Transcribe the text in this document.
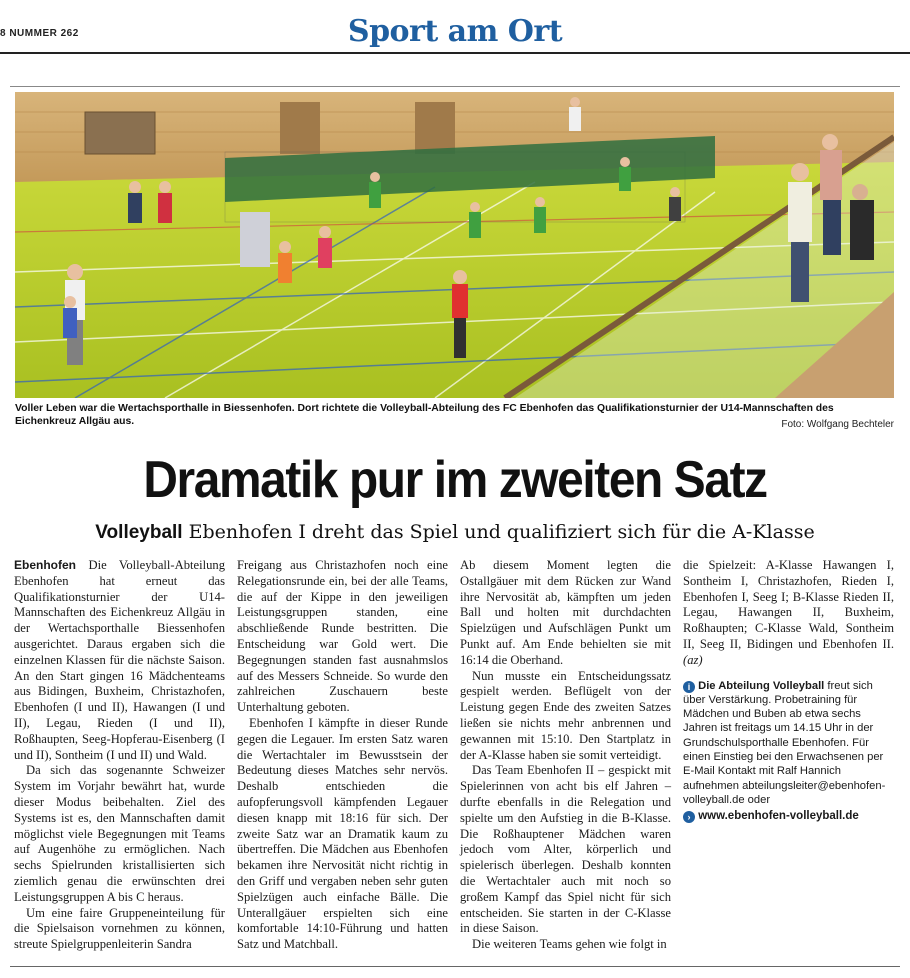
8 NUMMER 262	Sport am Ort
Voller Leben war die Wertachsporthalle in Biessenhofen. Dort richtete die Volleyball-Abteilung des FC Ebenhofen das Qualifikationsturnier der U14-Mannschaften des Eichenkreuz Allgäu aus.	Foto: Wolfgang Bechteler
Dramatik pur im zweiten Satz
Volleyball Ebenhofen I dreht das Spiel und qualifiziert sich für die A-Klasse

Ebenhofen Die Volleyball-Abteilung Ebenhofen hat erneut das Qualifikationsturnier der U14-Mannschaften des Eichenkreuz Allgäu in der Wertachsporthalle Biessenhofen ausgerichtet. Daraus ergaben sich die einzelnen Klassen für die nächste Saison. An den Start gingen 16 Mädchenteams aus Bidingen, Buxheim, Christazhofen, Ebenhofen (I und II), Hawangen (I und II), Legau, Rieden (I und II), Roßhaupten, Seeg-Hopferau-Eisenberg (I und II), Sontheim (I und II) und Wald.

Da sich das sogenannte Schweizer System im Vorjahr bewährt hat, wurde dieser Modus beibehalten. Ziel des Systems ist es, den Mannschaften damit möglichst viele Begegnungen mit Teams auf Augenhöhe zu ermöglichen. Nach sechs Spielrunden kristallisierten sich ziemlich genau die erwünschten drei Leistungsgruppen A bis C heraus.

Um eine faire Gruppeneinteilung für die Spielsaison vornehmen zu können, streute Spielgruppenleiterin Sandra

Freigang aus Christazhofen noch eine Relegationsrunde ein, bei der alle Teams, die auf der Kippe in den jeweiligen Leistungsgruppen standen, eine abschließende Runde bestritten. Die Entscheidung war Gold wert. Die Begegnungen standen fast ausnahmslos auf des Messers Schneide. So wurde den zahlreichen Zuschauern beste Unterhaltung geboten.

Ebenhofen I kämpfte in dieser Runde gegen die Legauer. Im ersten Satz waren die Wertachtaler im Bewusstsein der Bedeutung dieses Matches sehr nervös. Deshalb entschieden die aufopferungsvoll kämpfenden Legauer diesen knapp mit 18:16 für sich. Der zweite Satz war an Dramatik kaum zu übertreffen. Die Mädchen aus Ebenhofen bekamen ihre Nervosität nicht richtig in den Griff und vergaben neben sehr guten Spielzügen auch einfache Bälle. Die Unterallgäuer erspielten sich eine komfortable 14:10-Führung und hatten Satz und Matchball.

Ab diesem Moment legten die Ostallgäuer mit dem Rücken zur Wand ihre Nervosität ab, kämpften um jeden Ball und holten mit durchdachten Spielzügen und Aufschlägen Punkt um Punkt auf. Am Ende behielten sie mit 16:14 die Oberhand.

Nun musste ein Entscheidungssatz gespielt werden. Beflügelt von der Leistung gegen Ende des zweiten Satzes ließen sie nichts mehr anbrennen und gewannen mit 15:10. Den Startplatz in der A-Klasse haben sie somit verteidigt.

Das Team Ebenhofen II – gespickt mit Spielerinnen von acht bis elf Jahren – durfte ebenfalls in die Relegation und spielte um den Aufstieg in die B-Klasse. Die Roßhauptener Mädchen waren jedoch vom Alter, körperlich und spielerisch überlegen. Deshalb konnten die Wertachtaler auch mit noch so großem Kampf das Spiel nicht für sich entscheiden. Sie starten in der C-Klasse in diese Saison.

Die weiteren Teams gehen wie folgt in

die Spielzeit: A-Klasse Hawangen I, Sontheim I, Christazhofen, Rieden I, Ebenhofen I, Seeg I; B-Klasse Rieden II, Legau, Hawangen II, Buxheim, Roßhaupten; C-Klasse Wald, Sontheim II, Seeg II, Bidingen und Ebenhofen II. (az)

i Die Abteilung Volleyball freut sich über Verstärkung. Probetraining für Mädchen und Buben ab etwa sechs Jahren ist freitags um 14.15 Uhr in der Grundschulsporthalle Ebenhofen. Für einen Einstieg bei den Erwachsenen per E-Mail Kontakt mit Ralf Hannich aufnehmen abteilungsleiter@ebenhofen-volleyball.de oder
› www.ebenhofen-volleyball.de
